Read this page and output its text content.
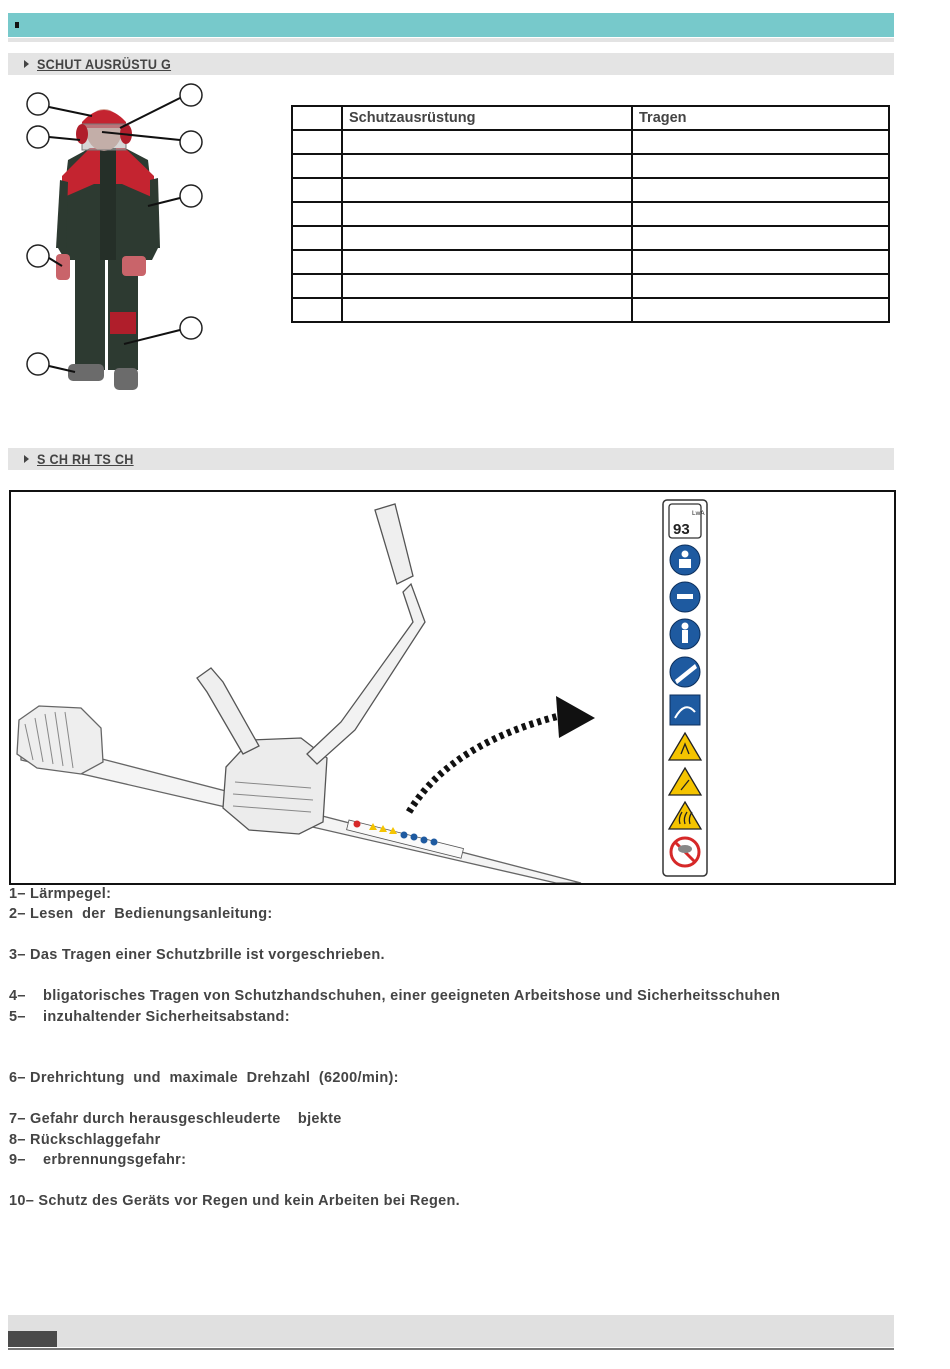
SCHUT AUSRÜSTU G
	Schutzausrüstung	Tragen

S CH RH TS CH
LwA
93
1– Lärmpegel:
2– Lesen  der  Bedienungsanleitung:
3– Das Tragen einer Schutzbrille ist vorgeschrieben.
4–    bligatorisches Tragen von Schutzhandschuhen, einer geeigneten Arbeitshose und Sicherheitsschuhen
5–    inzuhaltender Sicherheitsabstand:
6– Drehrichtung  und  maximale  Drehzahl  (6200/min):
7– Gefahr durch herausgeschleuderte    bjekte
8– Rückschlaggefahr
9–    erbrennungsgefahr:
10– Schutz des Geräts vor Regen und kein Arbeiten bei Regen.
